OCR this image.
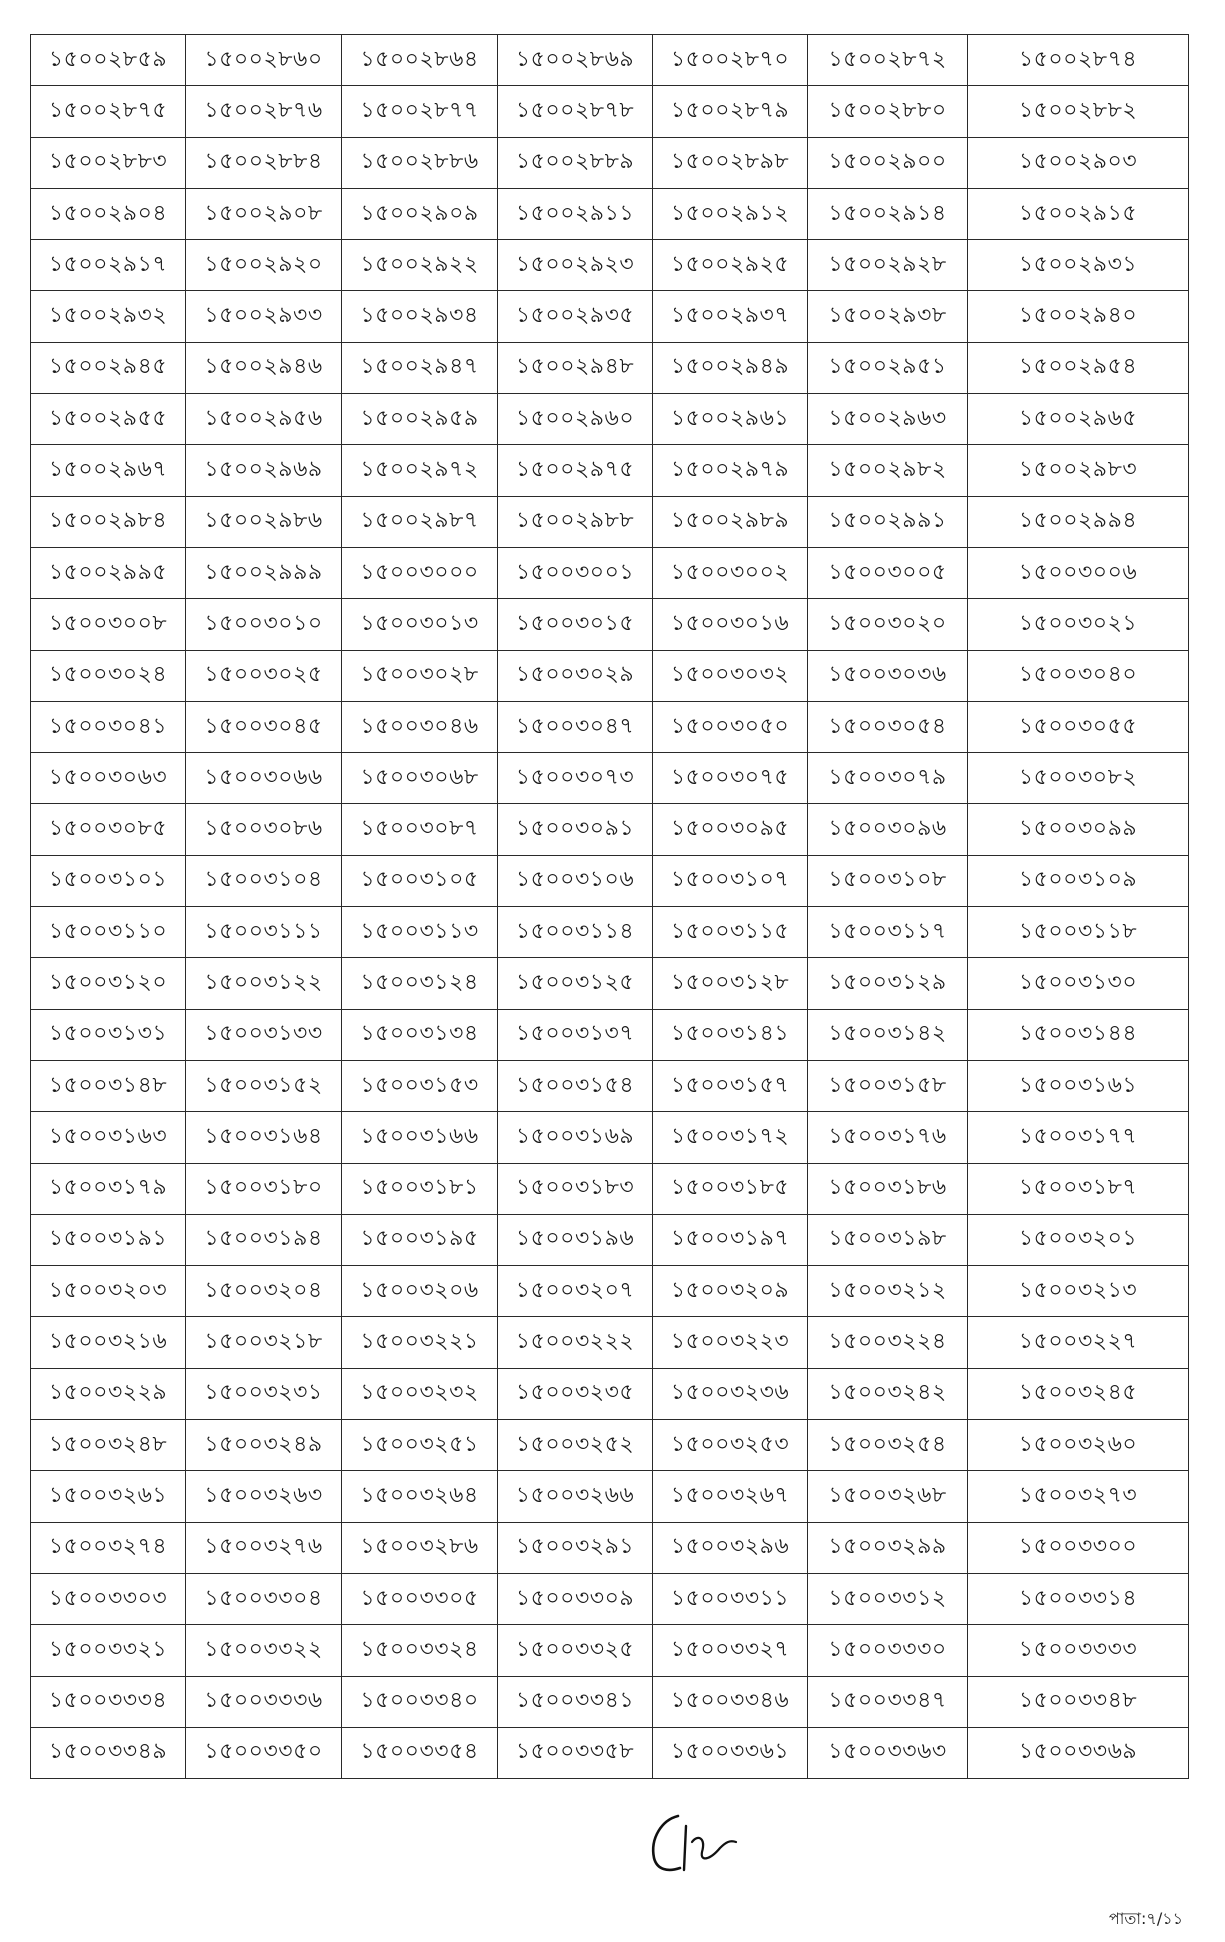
১৫০০২৮৫৯	১৫০০২৮৬০	১৫০০২৮৬৪	১৫০০২৮৬৯	১৫০০২৮৭০	১৫০০২৮৭২	১৫০০২৮৭৪
১৫০০২৮৭৫	১৫০০২৮৭৬	১৫০০২৮৭৭	১৫০০২৮৭৮	১৫০০২৮৭৯	১৫০০২৮৮০	১৫০০২৮৮২
১৫০০২৮৮৩	১৫০০২৮৮৪	১৫০০২৮৮৬	১৫০০২৮৮৯	১৫০০২৮৯৮	১৫০০২৯০০	১৫০০২৯০৩
১৫০০২৯০৪	১৫০০২৯০৮	১৫০০২৯০৯	১৫০০২৯১১	১৫০০২৯১২	১৫০০২৯১৪	১৫০০২৯১৫
১৫০০২৯১৭	১৫০০২৯২০	১৫০০২৯২২	১৫০০২৯২৩	১৫০০২৯২৫	১৫০০২৯২৮	১৫০০২৯৩১
১৫০০২৯৩২	১৫০০২৯৩৩	১৫০০২৯৩৪	১৫০০২৯৩৫	১৫০০২৯৩৭	১৫০০২৯৩৮	১৫০০২৯৪০
১৫০০২৯৪৫	১৫০০২৯৪৬	১৫০০২৯৪৭	১৫০০২৯৪৮	১৫০০২৯৪৯	১৫০০২৯৫১	১৫০০২৯৫৪
১৫০০২৯৫৫	১৫০০২৯৫৬	১৫০০২৯৫৯	১৫০০২৯৬০	১৫০০২৯৬১	১৫০০২৯৬৩	১৫০০২৯৬৫
১৫০০২৯৬৭	১৫০০২৯৬৯	১৫০০২৯৭২	১৫০০২৯৭৫	১৫০০২৯৭৯	১৫০০২৯৮২	১৫০০২৯৮৩
১৫০০২৯৮৪	১৫০০২৯৮৬	১৫০০২৯৮৭	১৫০০২৯৮৮	১৫০০২৯৮৯	১৫০০২৯৯১	১৫০০২৯৯৪
১৫০০২৯৯৫	১৫০০২৯৯৯	১৫০০৩০০০	১৫০০৩০০১	১৫০০৩০০২	১৫০০৩০০৫	১৫০০৩০০৬
১৫০০৩০০৮	১৫০০৩০১০	১৫০০৩০১৩	১৫০০৩০১৫	১৫০০৩০১৬	১৫০০৩০২০	১৫০০৩০২১
১৫০০৩০২৪	১৫০০৩০২৫	১৫০০৩০২৮	১৫০০৩০২৯	১৫০০৩০৩২	১৫০০৩০৩৬	১৫০০৩০৪০
১৫০০৩০৪১	১৫০০৩০৪৫	১৫০০৩০৪৬	১৫০০৩০৪৭	১৫০০৩০৫০	১৫০০৩০৫৪	১৫০০৩০৫৫
১৫০০৩০৬৩	১৫০০৩০৬৬	১৫০০৩০৬৮	১৫০০৩০৭৩	১৫০০৩০৭৫	১৫০০৩০৭৯	১৫০০৩০৮২
১৫০০৩০৮৫	১৫০০৩০৮৬	১৫০০৩০৮৭	১৫০০৩০৯১	১৫০০৩০৯৫	১৫০০৩০৯৬	১৫০০৩০৯৯
১৫০০৩১০১	১৫০০৩১০৪	১৫০০৩১০৫	১৫০০৩১০৬	১৫০০৩১০৭	১৫০০৩১০৮	১৫০০৩১০৯
১৫০০৩১১০	১৫০০৩১১১	১৫০০৩১১৩	১৫০০৩১১৪	১৫০০৩১১৫	১৫০০৩১১৭	১৫০০৩১১৮
১৫০০৩১২০	১৫০০৩১২২	১৫০০৩১২৪	১৫০০৩১২৫	১৫০০৩১২৮	১৫০০৩১২৯	১৫০০৩১৩০
১৫০০৩১৩১	১৫০০৩১৩৩	১৫০০৩১৩৪	১৫০০৩১৩৭	১৫০০৩১৪১	১৫০০৩১৪২	১৫০০৩১৪৪
১৫০০৩১৪৮	১৫০০৩১৫২	১৫০০৩১৫৩	১৫০০৩১৫৪	১৫০০৩১৫৭	১৫০০৩১৫৮	১৫০০৩১৬১
১৫০০৩১৬৩	১৫০০৩১৬৪	১৫০০৩১৬৬	১৫০০৩১৬৯	১৫০০৩১৭২	১৫০০৩১৭৬	১৫০০৩১৭৭
১৫০০৩১৭৯	১৫০০৩১৮০	১৫০০৩১৮১	১৫০০৩১৮৩	১৫০০৩১৮৫	১৫০০৩১৮৬	১৫০০৩১৮৭
১৫০০৩১৯১	১৫০০৩১৯৪	১৫০০৩১৯৫	১৫০০৩১৯৬	১৫০০৩১৯৭	১৫০০৩১৯৮	১৫০০৩২০১
১৫০০৩২০৩	১৫০০৩২০৪	১৫০০৩২০৬	১৫০০৩২০৭	১৫০০৩২০৯	১৫০০৩২১২	১৫০০৩২১৩
১৫০০৩২১৬	১৫০০৩২১৮	১৫০০৩২২১	১৫০০৩২২২	১৫০০৩২২৩	১৫০০৩২২৪	১৫০০৩২২৭
১৫০০৩২২৯	১৫০০৩২৩১	১৫০০৩২৩২	১৫০০৩২৩৫	১৫০০৩২৩৬	১৫০০৩২৪২	১৫০০৩২৪৫
১৫০০৩২৪৮	১৫০০৩২৪৯	১৫০০৩২৫১	১৫০০৩২৫২	১৫০০৩২৫৩	১৫০০৩২৫৪	১৫০০৩২৬০
১৫০০৩২৬১	১৫০০৩২৬৩	১৫০০৩২৬৪	১৫০০৩২৬৬	১৫০০৩২৬৭	১৫০০৩২৬৮	১৫০০৩২৭৩
১৫০০৩২৭৪	১৫০০৩২৭৬	১৫০০৩২৮৬	১৫০০৩২৯১	১৫০০৩২৯৬	১৫০০৩২৯৯	১৫০০৩৩০০
১৫০০৩৩০৩	১৫০০৩৩০৪	১৫০০৩৩০৫	১৫০০৩৩০৯	১৫০০৩৩১১	১৫০০৩৩১২	১৫০০৩৩১৪
১৫০০৩৩২১	১৫০০৩৩২২	১৫০০৩৩২৪	১৫০০৩৩২৫	১৫০০৩৩২৭	১৫০০৩৩৩০	১৫০০৩৩৩৩
১৫০০৩৩৩৪	১৫০০৩৩৩৬	১৫০০৩৩৪০	১৫০০৩৩৪১	১৫০০৩৩৪৬	১৫০০৩৩৪৭	১৫০০৩৩৪৮
১৫০০৩৩৪৯	১৫০০৩৩৫০	১৫০০৩৩৫৪	১৫০০৩৩৫৮	১৫০০৩৩৬১	১৫০০৩৩৬৩	১৫০০৩৩৬৯
পাতা:৭/১১
